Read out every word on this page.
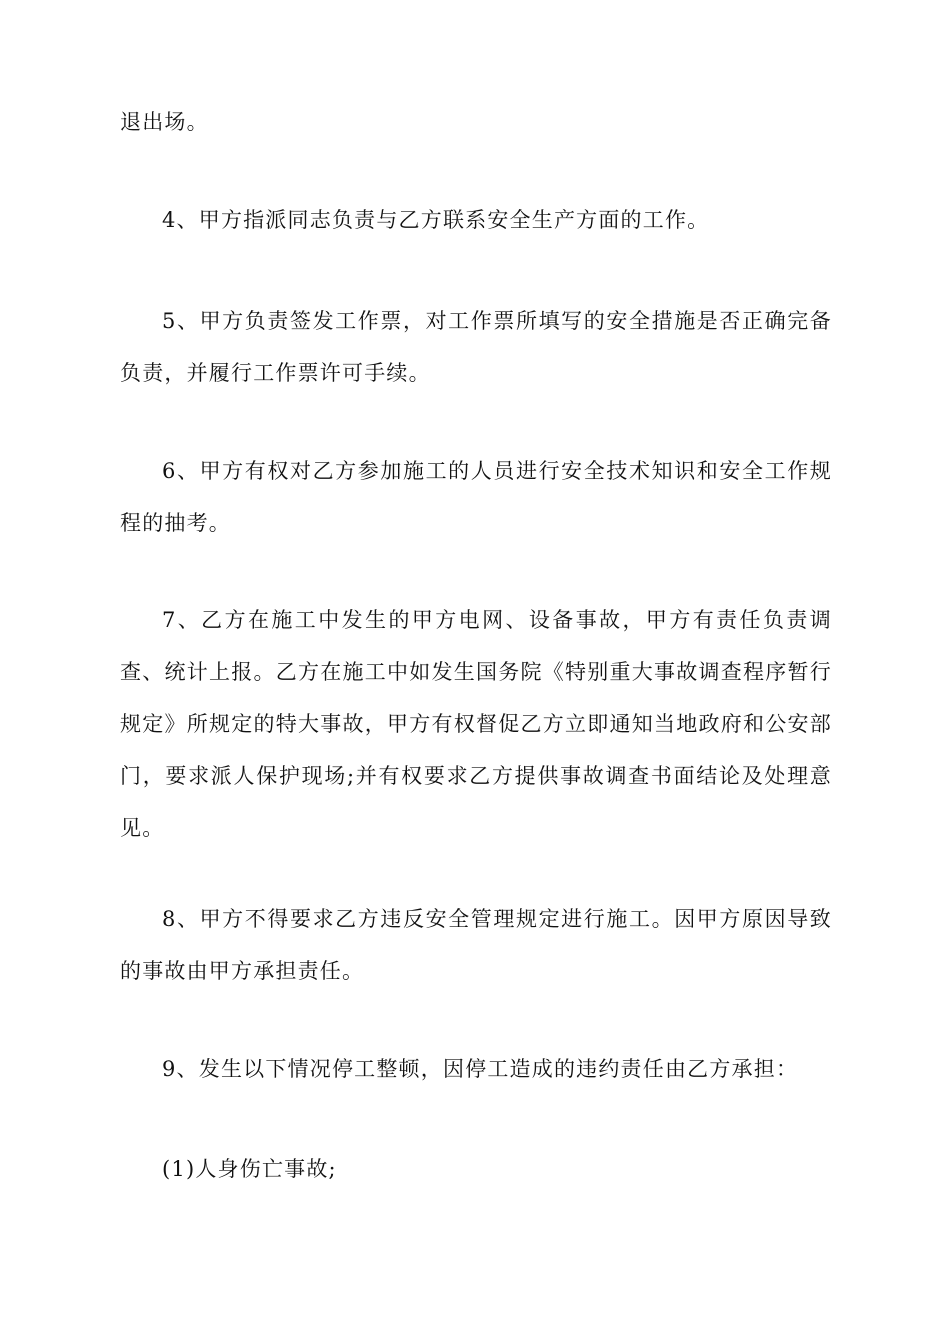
退出场。

4、甲方指派同志负责与乙方联系安全生产方面的工作。

5、甲方负责签发工作票，对工作票所填写的安全措施是否正确完备负责，并履行工作票许可手续。

6、甲方有权对乙方参加施工的人员进行安全技术知识和安全工作规程的抽考。

7、乙方在施工中发生的甲方电网、设备事故，甲方有责任负责调查、统计上报。乙方在施工中如发生国务院《特别重大事故调查程序暂行规定》所规定的特大事故，甲方有权督促乙方立即通知当地政府和公安部门，要求派人保护现场;并有权要求乙方提供事故调查书面结论及处理意见。

8、甲方不得要求乙方违反安全管理规定进行施工。因甲方原因导致的事故由甲方承担责任。

9、发生以下情况停工整顿，因停工造成的违约责任由乙方承担：

(1)人身伤亡事故;
